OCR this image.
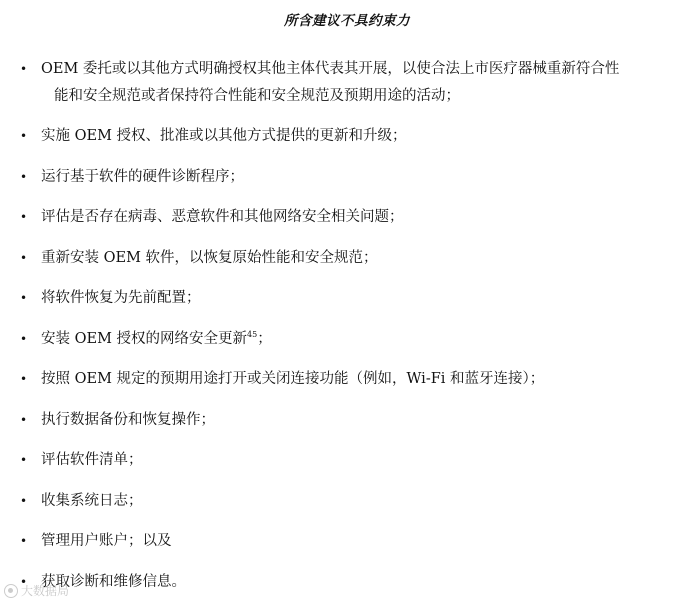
所含建议不具约束力
• OEM 委托或以其他方式明确授权其他主体代表其开展，以使合法上市医疗器械重新符合性
能和安全规范或者保持符合性能和安全规范及预期用途的活动；
• 实施 OEM 授权、批准或以其他方式提供的更新和升级；
• 运行基于软件的硬件诊断程序；
• 评估是否存在病毒、恶意软件和其他网络安全相关问题；
• 重新安装 OEM 软件，以恢复原始性能和安全规范；
• 将软件恢复为先前配置；
• 安装 OEM 授权的网络安全更新$^{45}$；
• 按照 OEM 规定的预期用途打开或关闭连接功能（例如，Wi-Fi 和蓝牙连接）；
• 执行数据备份和恢复操作；
• 评估软件清单；
• 收集系统日志；
• 管理用户账户；以及
• 获取诊断和维修信息。
大数据局
